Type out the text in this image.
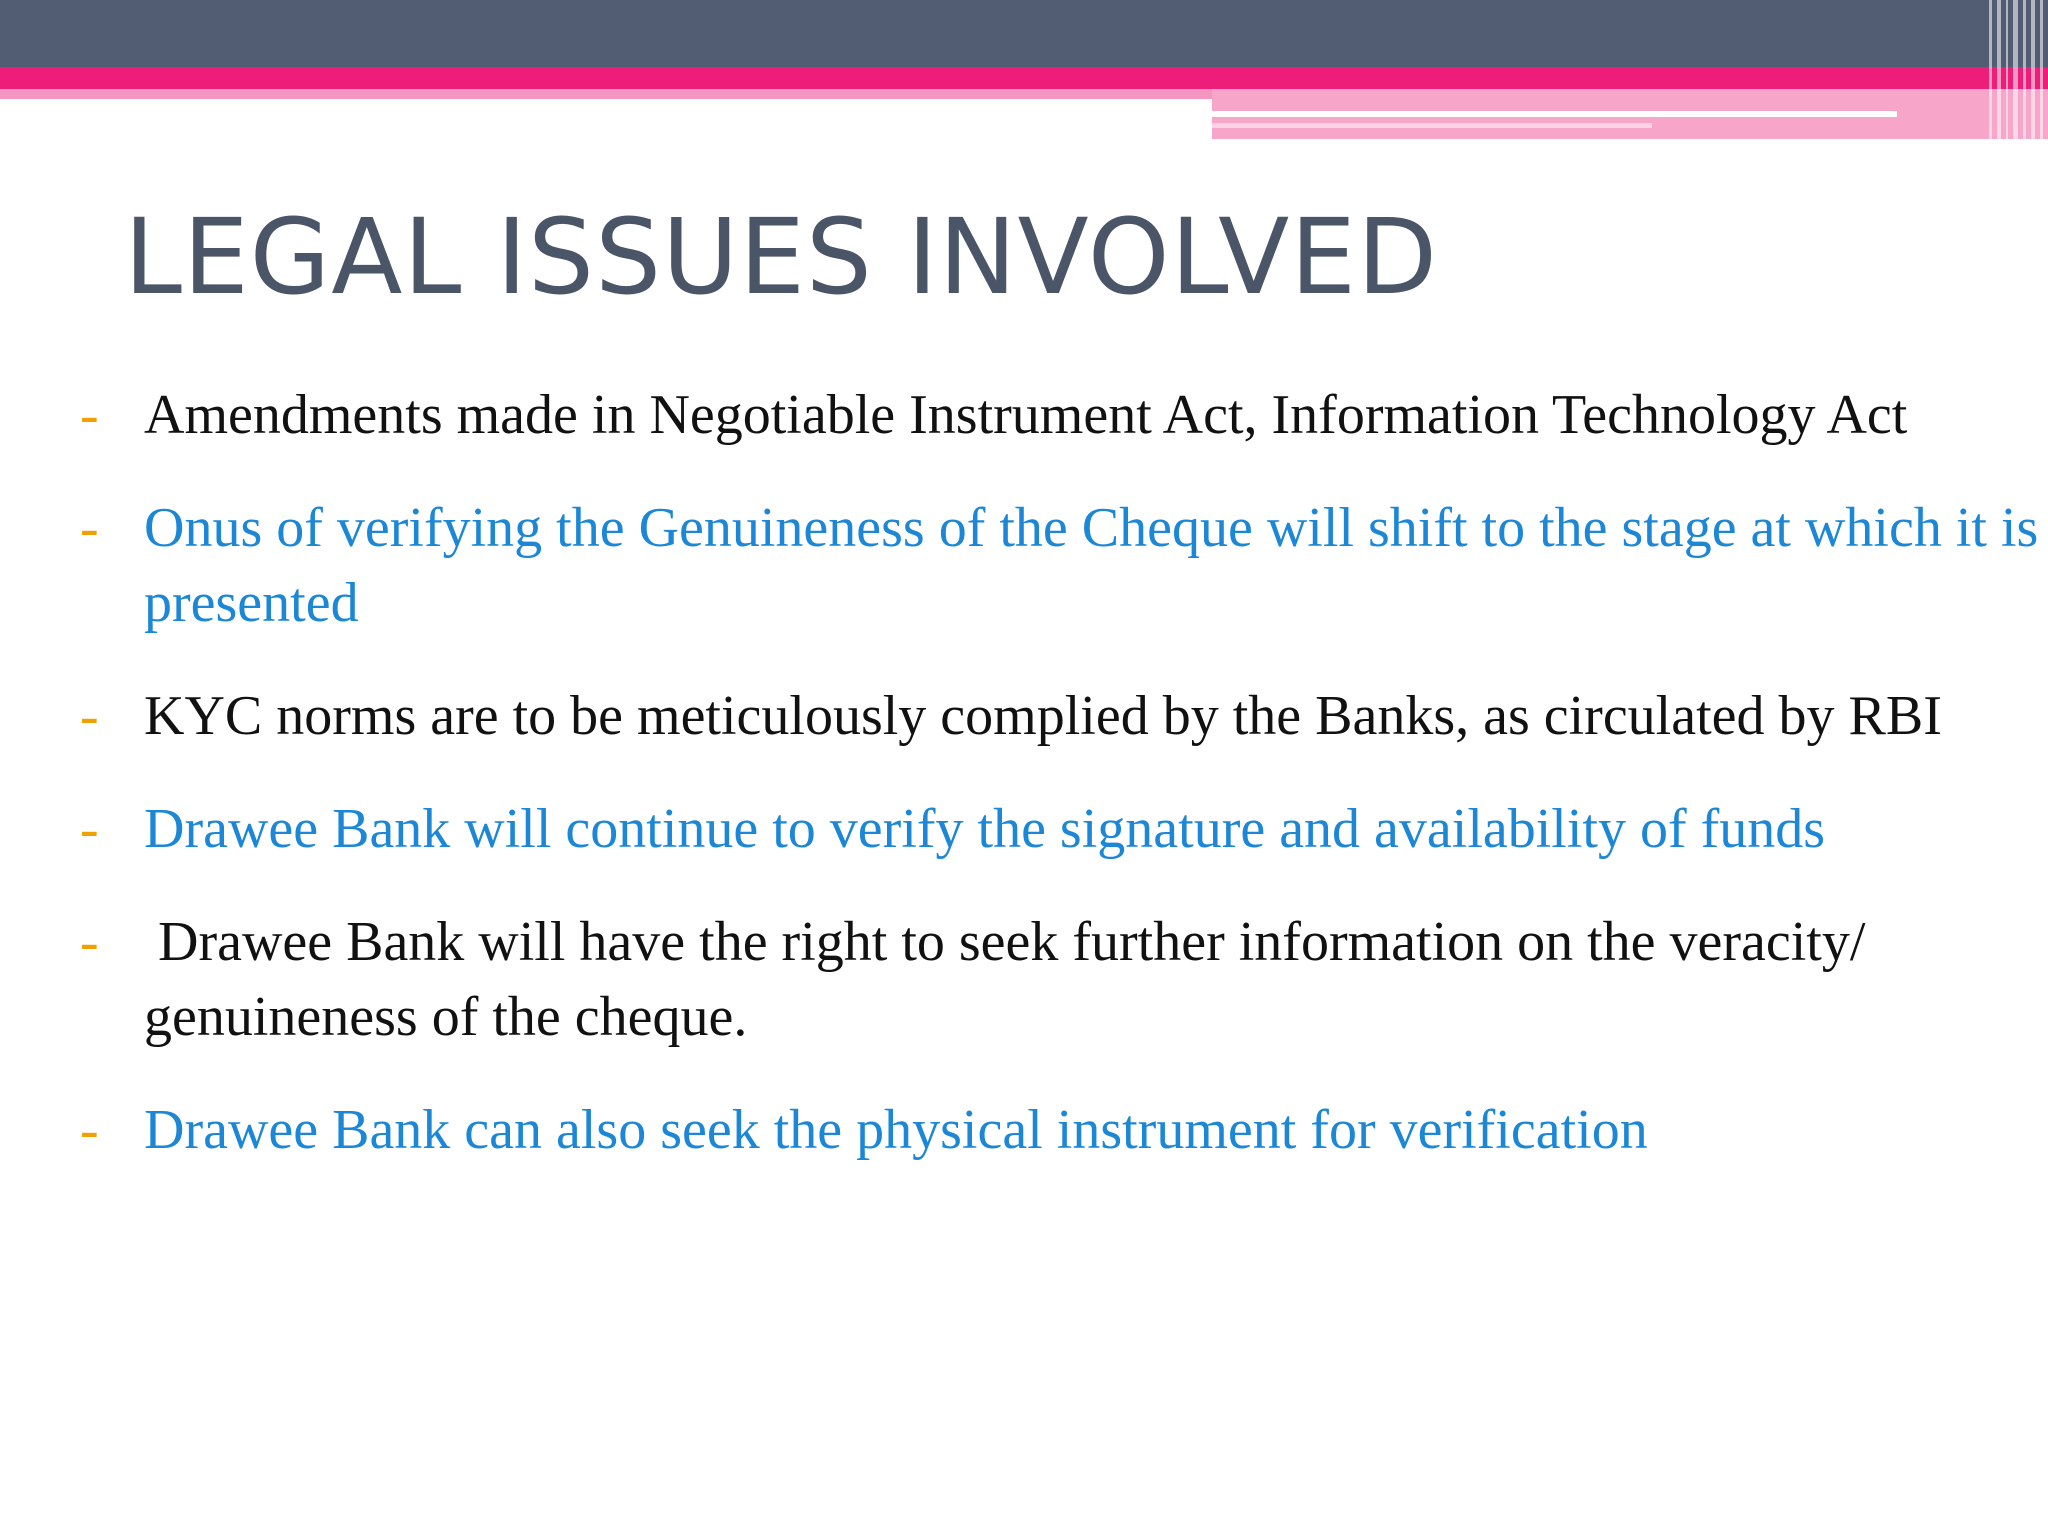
LEGAL ISSUES INVOLVED
- Amendments made in Negotiable Instrument Act, Information Technology Act
- Onus of verifying the Genuineness of the Cheque will shift to the stage at which it is presented
- KYC norms are to be meticulously complied by the Banks, as circulated by RBI
- Drawee Bank will continue to verify the signature and availability of funds
- Drawee Bank will have the right to seek further information on the veracity/ genuineness of the cheque.
- Drawee Bank can also seek the physical instrument for verification
